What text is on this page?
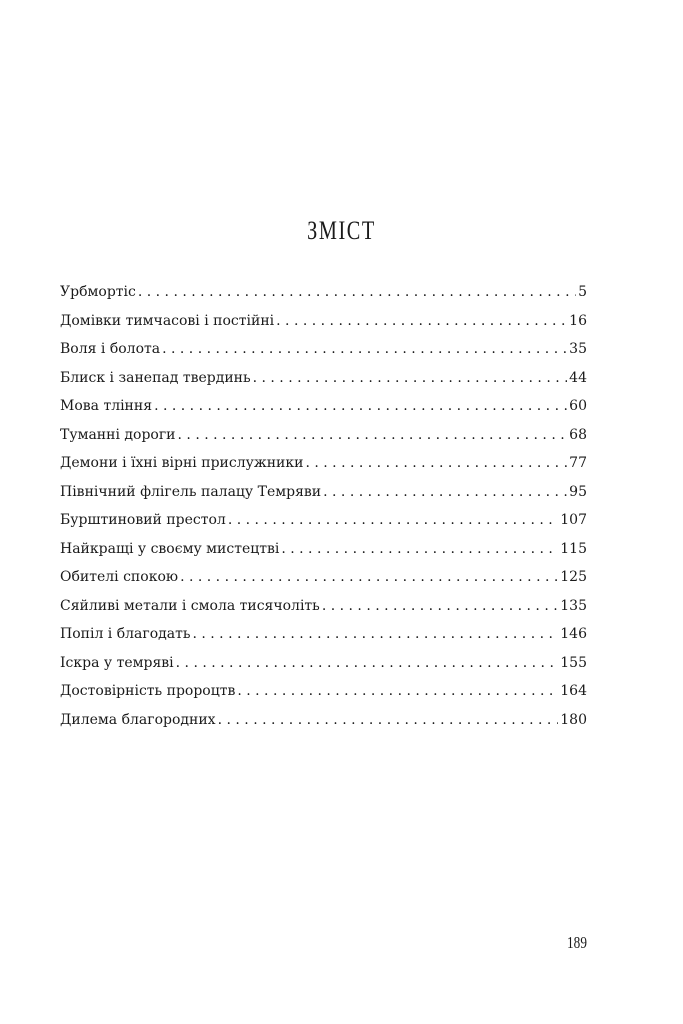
ЗМІСТ
Урбмортіс . . .	5
Домівки тимчасові і постійні . . .	16
Воля і болота . . .	35
Блиск і занепад твердинь . . .	44
Мова тління . . .	60
Туманні дороги . . .	68
Демони і їхні вірні прислужники . . .	77
Північний флігель палацу Темряви . . .	95
Бурштиновий престол . . .	107
Найкращі у своєму мистецтві . . .	115
Обителі спокою . . .	125
Сяйливі метали і смола тисячоліть . . .	135
Попіл і благодать . . .	146
Іскра у темряві . . .	155
Достовірність пророцтв . . .	164
Дилема благородних . . .	180

189
